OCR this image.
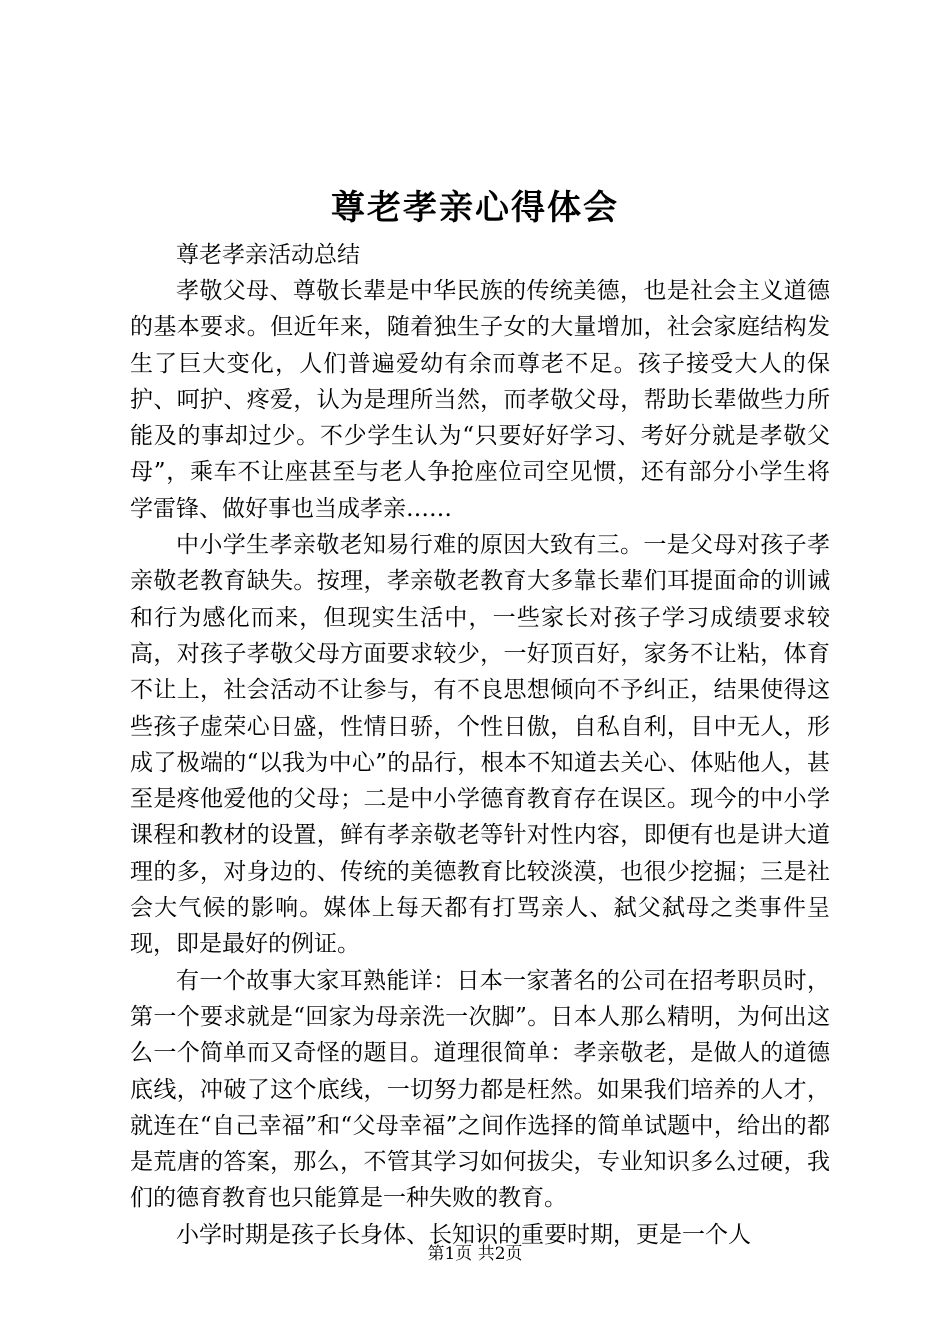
尊老孝亲心得体会

尊老孝亲活动总结

孝敬父母、尊敬长辈是中华民族的传统美德，也是社会主义道德的基本要求。但近年来，随着独生子女的大量增加，社会家庭结构发生了巨大变化，人们普遍爱幼有余而尊老不足。孩子接受大人的保护、呵护、疼爱，认为是理所当然，而孝敬父母，帮助长辈做些力所能及的事却过少。不少学生认为“只要好好学习、考好分就是孝敬父母”，乘车不让座甚至与老人争抢座位司空见惯，还有部分小学生将学雷锋、做好事也当成孝亲……

中小学生孝亲敬老知易行难的原因大致有三。一是父母对孩子孝亲敬老教育缺失。按理，孝亲敬老教育大多靠长辈们耳提面命的训诫和行为感化而来，但现实生活中，一些家长对孩子学习成绩要求较高，对孩子孝敬父母方面要求较少，一好顶百好，家务不让粘，体育不让上，社会活动不让参与，有不良思想倾向不予纠正，结果使得这些孩子虚荣心日盛，性情日骄，个性日傲，自私自利，目中无人，形成了极端的“以我为中心”的品行，根本不知道去关心、体贴他人，甚至是疼他爱他的父母；二是中小学德育教育存在误区。现今的中小学课程和教材的设置，鲜有孝亲敬老等针对性内容，即便有也是讲大道理的多，对身边的、传统的美德教育比较淡漠，也很少挖掘；三是社会大气候的影响。媒体上每天都有打骂亲人、弑父弑母之类事件呈现，即是最好的例证。

有一个故事大家耳熟能详：日本一家著名的公司在招考职员时，第一个要求就是“回家为母亲洗一次脚”。日本人那么精明，为何出这么一个简单而又奇怪的题目。道理很简单：孝亲敬老，是做人的道德底线，冲破了这个底线，一切努力都是枉然。如果我们培养的人才，就连在“自己幸福”和“父母幸福”之间作选择的简单试题中，给出的都是荒唐的答案，那么，不管其学习如何拔尖，专业知识多么过硬，我们的德育教育也只能算是一种失败的教育。

小学时期是孩子长身体、长知识的重要时期，更是一个人

第1页 共2页
